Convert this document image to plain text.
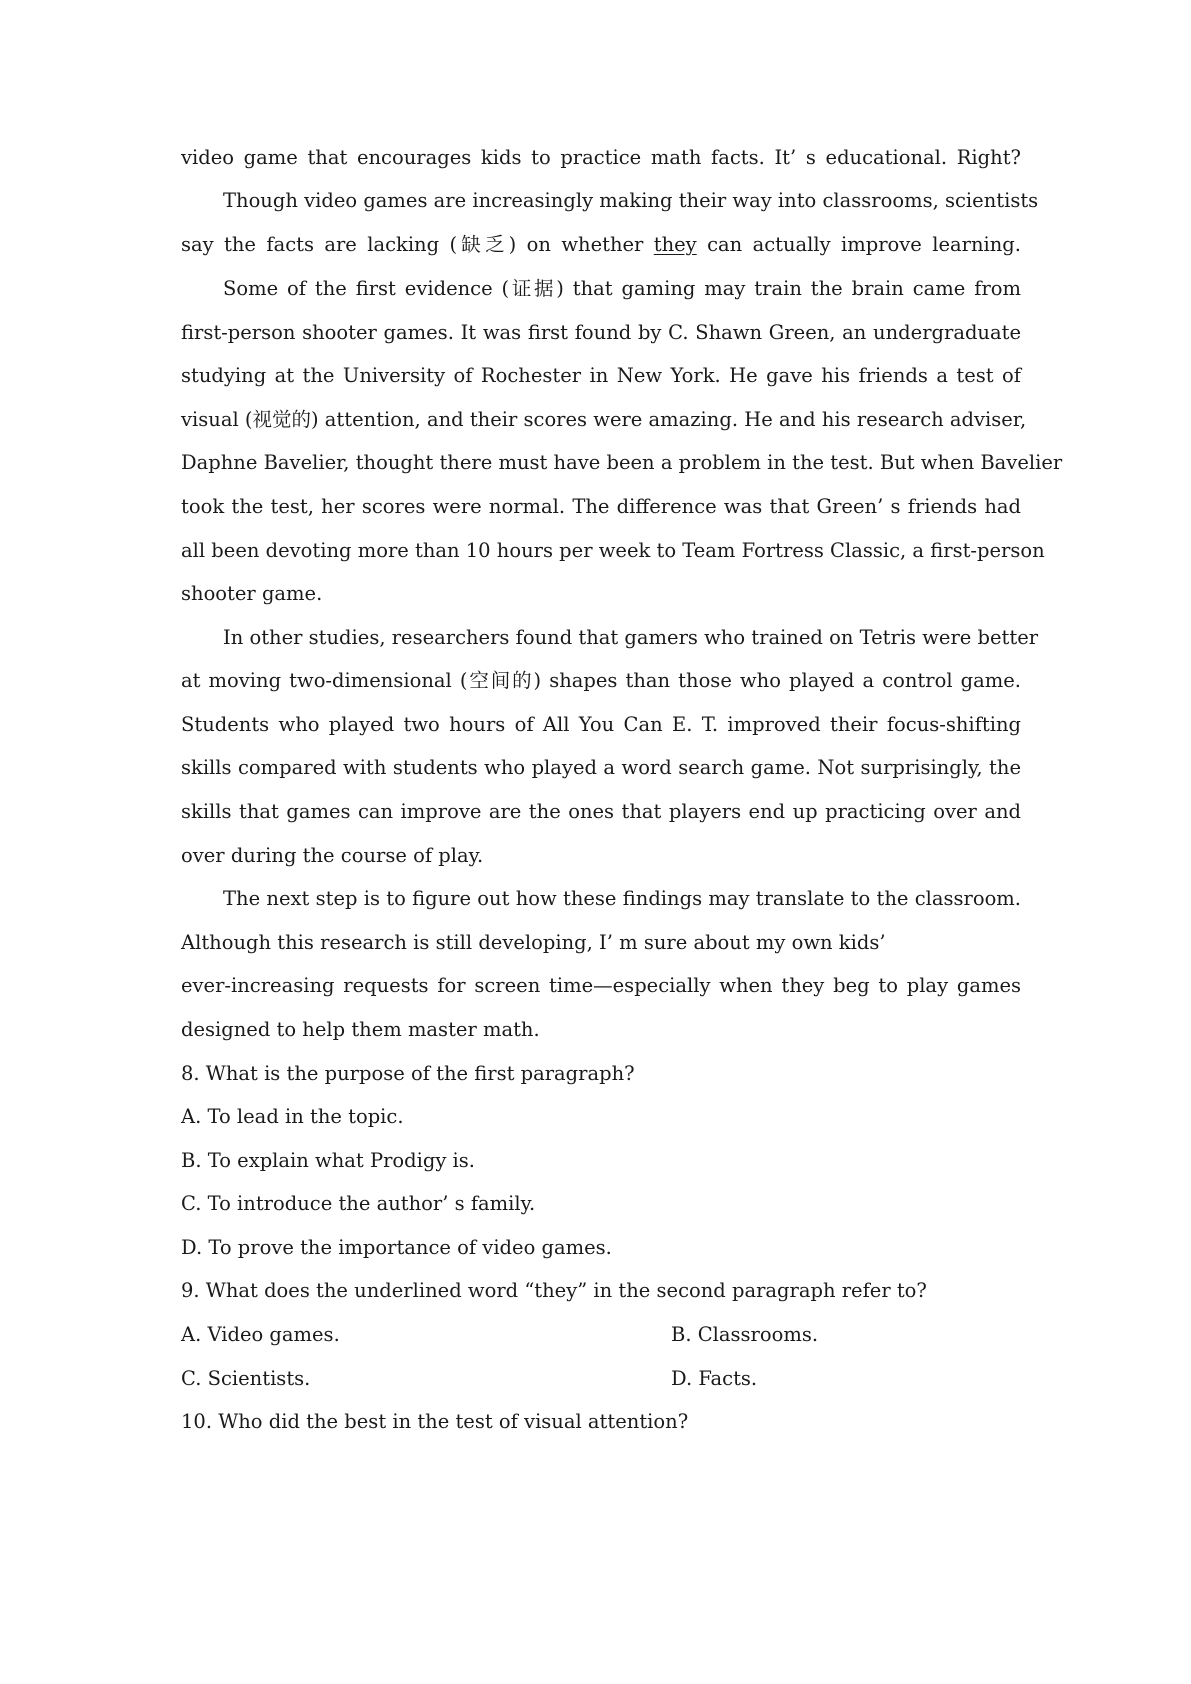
video game that encourages kids to practice math facts. It’ s educational. Right?
Though video games are increasingly making their way into classrooms, scientists
say the facts are lacking (缺乏) on whether they can actually improve learning.
Some of the first evidence (证据) that gaming may train the brain came from
first-person shooter games. It was first found by C. Shawn Green, an undergraduate
studying at the University of Rochester in New York. He gave his friends a test of
visual (视觉的) attention, and their scores were amazing. He and his research adviser,
Daphne Bavelier, thought there must have been a problem in the test. But when Bavelier
took the test, her scores were normal. The difference was that Green’ s friends had
all been devoting more than 10 hours per week to Team Fortress Classic, a first-person
shooter game.
In other studies, researchers found that gamers who trained on Tetris were better
at moving two-dimensional (空间的) shapes than those who played a control game.
Students who played two hours of All You Can E. T. improved their focus-shifting
skills compared with students who played a word search game. Not surprisingly, the
skills that games can improve are the ones that players end up practicing over and
over during the course of play.
The next step is to figure out how these findings may translate to the classroom.
Although this research is still developing, I’ m sure about my own kids’
ever-increasing requests for screen time—especially when they beg to play games
designed to help them master math.
8. What is the purpose of the first paragraph?
A. To lead in the topic.
B. To explain what Prodigy is.
C. To introduce the author’ s family.
D. To prove the importance of video games.
9. What does the underlined word “they” in the second paragraph refer to?
A. Video games.	B. Classrooms.
C. Scientists.	D. Facts.
10. Who did the best in the test of visual attention?
